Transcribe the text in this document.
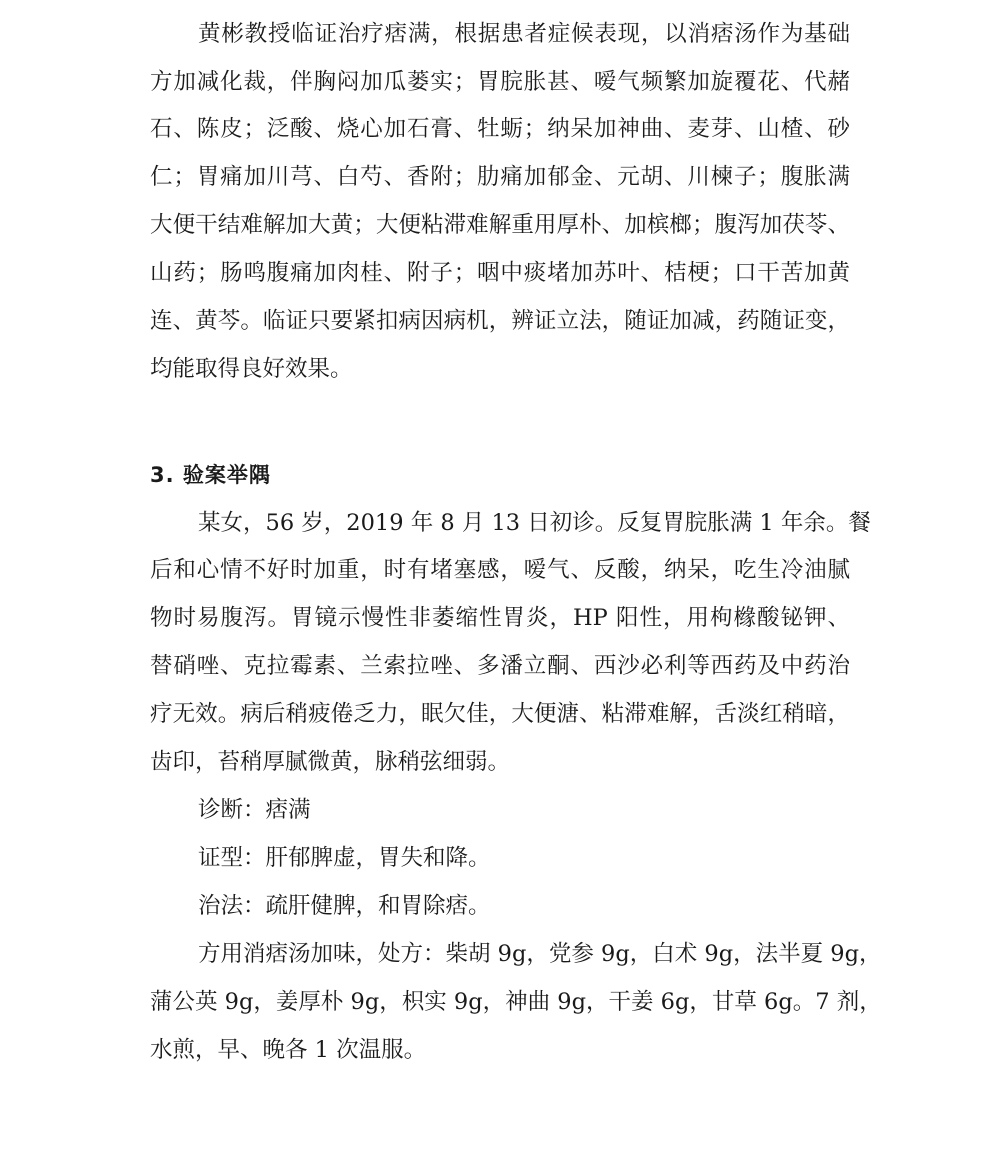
黄彬教授临证治疗痞满，根据患者症候表现，以消痞汤作为基础
方加减化裁，伴胸闷加瓜蒌实；胃脘胀甚、嗳气频繁加旋覆花、代赭
石、陈皮；泛酸、烧心加石膏、牡蛎；纳呆加神曲、麦芽、山楂、砂
仁；胃痛加川芎、白芍、香附；肋痛加郁金、元胡、川楝子；腹胀满
大便干结难解加大黄；大便粘滞难解重用厚朴、加槟榔；腹泻加茯苓、
山药；肠鸣腹痛加肉桂、附子；咽中痰堵加苏叶、桔梗；口干苦加黄
连、黄芩。临证只要紧扣病因病机，辨证立法，随证加减，药随证变，
均能取得良好效果。
3. 验案举隅
某女，56 岁，2019 年 8 月 13 日初诊。反复胃脘胀满 1 年余。餐
后和心情不好时加重，时有堵塞感，嗳气、反酸，纳呆，吃生冷油腻
物时易腹泻。胃镜示慢性非萎缩性胃炎，HP 阳性，用枸橼酸铋钾、
替硝唑、克拉霉素、兰索拉唑、多潘立酮、西沙必利等西药及中药治
疗无效。病后稍疲倦乏力，眠欠佳，大便溏、粘滞难解，舌淡红稍暗，
齿印，苔稍厚腻微黄，脉稍弦细弱。
诊断：痞满
证型：肝郁脾虚，胃失和降。
治法：疏肝健脾，和胃除痞。
方用消痞汤加味，处方：柴胡 9g，党参 9g，白术 9g，法半夏 9g，
蒲公英 9g，姜厚朴 9g，枳实 9g，神曲 9g，干姜 6g，甘草 6g。7 剂，
水煎，早、晚各 1 次温服。
